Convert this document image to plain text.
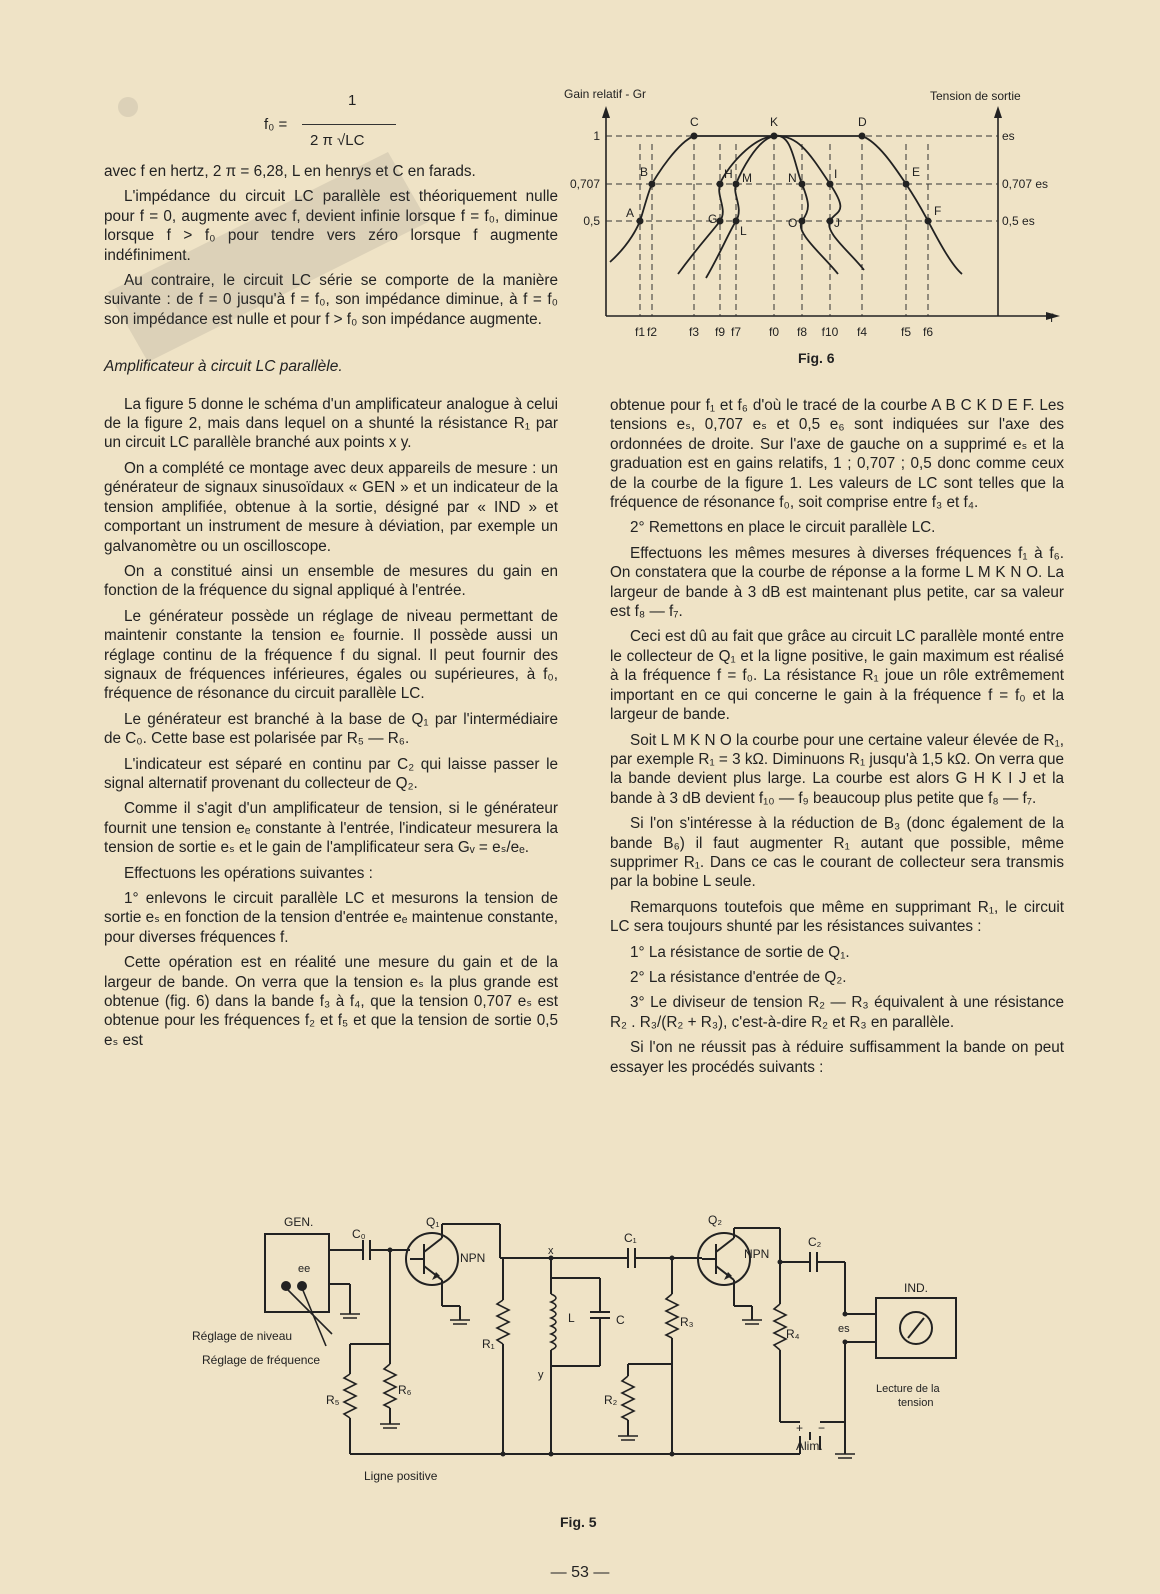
1
f₀ =
2 π √LC

avec f en hertz, 2 π = 6,28, L en henrys et C en farads.

L'impédance du circuit LC parallèle est théoriquement nulle pour f = 0, augmente avec f, devient infinie lorsque f = f₀, diminue lorsque f > f₀ pour tendre vers zéro lorsque f augmente indéfiniment.

Au contraire, le circuit LC série se comporte de la manière suivante : de f = 0 jusqu'à f = f₀, son impédance diminue, à f = f₀ son impédance est nulle et pour f > f₀ son impédance augmente.

Amplificateur à circuit LC parallèle.

La figure 5 donne le schéma d'un amplificateur analogue à celui de la figure 2, mais dans lequel on a shunté la résistance R₁ par un circuit LC parallèle branché aux points x y.

On a complété ce montage avec deux appareils de mesure : un générateur de signaux sinusoïdaux « GEN » et un indicateur de la tension amplifiée, obtenue à la sortie, désigné par « IND » et comportant un instrument de mesure à déviation, par exemple un galvanomètre ou un oscilloscope.

On a constitué ainsi un ensemble de mesures du gain en fonction de la fréquence du signal appliqué à l'entrée.

Le générateur possède un réglage de niveau permettant de maintenir constante la tension eₑ fournie. Il possède aussi un réglage continu de la fréquence f du signal. Il peut fournir des signaux de fréquences inférieures, égales ou supérieures, à f₀, fréquence de résonance du circuit parallèle LC.

Le générateur est branché à la base de Q₁ par l'intermédiaire de C₀. Cette base est polarisée par R₅ — R₆.

L'indicateur est séparé en continu par C₂ qui laisse passer le signal alternatif provenant du collecteur de Q₂.

Comme il s'agit d'un amplificateur de tension, si le générateur fournit une tension eₑ constante à l'entrée, l'indicateur mesurera la tension de sortie eₛ et le gain de l'amplificateur sera Gᵥ = eₛ/eₑ.

Effectuons les opérations suivantes :

1° enlevons le circuit parallèle LC et mesurons la tension de sortie eₛ en fonction de la tension d'entrée eₑ maintenue constante, pour diverses fréquences f.

Cette opération est en réalité une mesure du gain et de la largeur de bande. On verra que la tension eₛ la plus grande est obtenue (fig. 6) dans la bande f₃ à f₄, que la tension 0,707 eₛ est obtenue pour les fréquences f₂ et f₅ et que la tension de sortie 0,5 eₛ est

obtenue pour f₁ et f₆ d'où le tracé de la courbe A B C K D E F. Les tensions eₛ, 0,707 eₛ et 0,5 e₆ sont indiquées sur l'axe des ordonnées de droite. Sur l'axe de gauche on a supprimé eₛ et la graduation est en gains relatifs, 1 ; 0,707 ; 0,5 donc comme ceux de la courbe de la figure 1. Les valeurs de LC sont telles que la fréquence de résonance f₀, soit comprise entre f₃ et f₄.

2° Remettons en place le circuit parallèle LC.

Effectuons les mêmes mesures à diverses fréquences f₁ à f₆. On constatera que la courbe de réponse a la forme L M K N O. La largeur de bande à 3 dB est maintenant plus petite, car sa valeur est f₈ — f₇.

Ceci est dû au fait que grâce au circuit LC parallèle monté entre le collecteur de Q₁ et la ligne positive, le gain maximum est réalisé à la fréquence f = f₀. La résistance R₁ joue un rôle extrêmement important en ce qui concerne le gain à la fréquence f = f₀ et la largeur de bande.

Soit L M K N O la courbe pour une certaine valeur élevée de R₁, par exemple R₁ = 3 kΩ. Diminuons R₁ jusqu'à 1,5 kΩ. On verra que la bande devient plus large. La courbe est alors G H K I J et la bande à 3 dB devient f₁₀ — f₉ beaucoup plus petite que f₈ — f₇.

Si l'on s'intéresse à la réduction de B₃ (donc également de la bande B₆) il faut augmenter R₁ autant que possible, même supprimer R₁. Dans ce cas le courant de collecteur sera transmis par la bobine L seule.

Remarquons toutefois que même en supprimant R₁, le circuit LC sera toujours shunté par les résistances suivantes :

1° La résistance de sortie de Q₁.

2° La résistance d'entrée de Q₂.

3° Le diviseur de tension R₂ — R₃ équivalent à une résistance R₂ . R₃/(R₂ + R₃), c'est-à-dire R₂ et R₃ en parallèle.

Si l'on ne réussit pas à réduire suffisamment la bande on peut essayer les procédés suivants :

1
0,707
0,5
es
0,707 es
0,5 es
f1 f2	f3 f9 f7 f0 f8 f10 f4	f5 f6
A
B
C	K	D
E
F
G
H	I
J
L
M	N
O
Gain relatif - Gr	Tension de sortie
f
Fig. 6
GEN.
ee
C₀
Q₁
NPN	x
y
L	C
C₁
R₁
R₂
R₃
R₅
R₆
Q₂
NPN
C₂
R₄	es
IND.
Réglage de niveau
Réglage de fréquence
Ligne positive
Lecture de la
tension
Alim.
+ −
Fig. 5
— 53 —
